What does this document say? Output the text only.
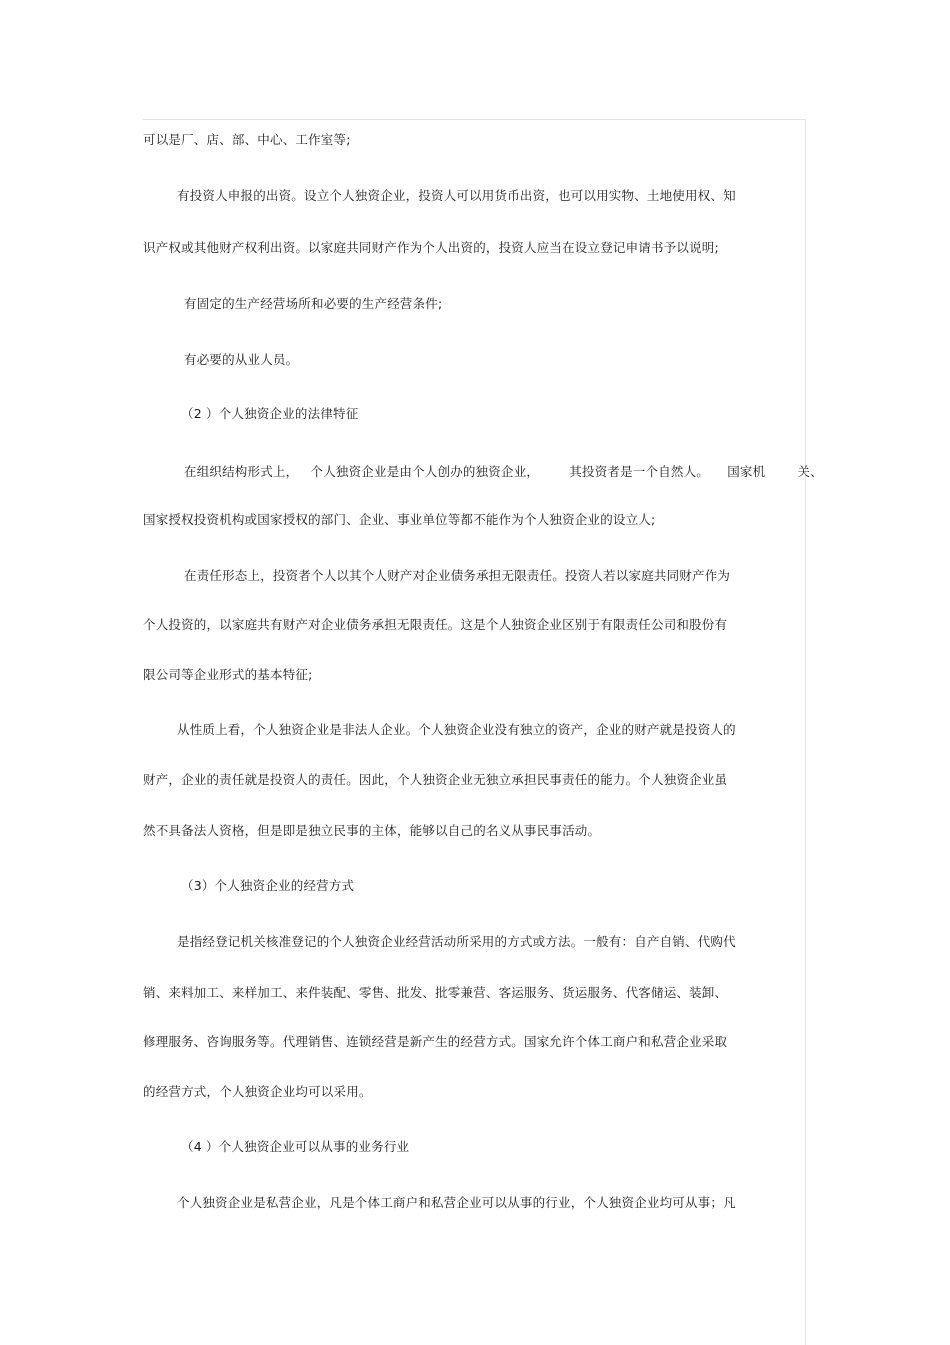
可以是厂、店、部、中心、工作室等;
有投资人申报的出资。设立个人独资企业，投资人可以用货币出资，也可以用实物、土地使用权、知
识产权或其他财产权利出资。以家庭共同财产作为个人出资的，投资人应当在设立登记申请书予以说明;
有固定的生产经营场所和必要的生产经营条件;
有必要的从业人员。
（2 ）个人独资企业的法律特征
在组织结构形式上， 个人独资企业是由个人创办的独资企业， 其投资者是一个自然人。 国家机	关、
国家授权投资机构或国家授权的部门、企业、事业单位等都不能作为个人独资企业的设立人;
在责任形态上，投资者个人以其个人财产对企业债务承担无限责任。投资人若以家庭共同财产作为
个人投资的，以家庭共有财产对企业债务承担无限责任。这是个人独资企业区别于有限责任公司和股份有
限公司等企业形式的基本特征;
从性质上看，个人独资企业是非法人企业。个人独资企业没有独立的资产，企业的财产就是投资人的
财产，企业的责任就是投资人的责任。因此，个人独资企业无独立承担民事责任的能力。个人独资企业虽
然不具备法人资格，但是即是独立民事的主体，能够以自己的名义从事民事活动。
（3）个人独资企业的经营方式
是指经登记机关核准登记的个人独资企业经营活动所采用的方式或方法。一般有：自产自销、代购代
销、来料加工、来样加工、来件装配、零售、批发、批零兼营、客运服务、货运服务、代客储运、装卸、
修理服务、咨询服务等。代理销售、连锁经营是新产生的经营方式。国家允许个体工商户和私营企业采取
的经营方式，个人独资企业均可以采用。
（4 ）个人独资企业可以从事的业务行业
个人独资企业是私营企业，凡是个体工商户和私营企业可以从事的行业，个人独资企业均可从事；凡
